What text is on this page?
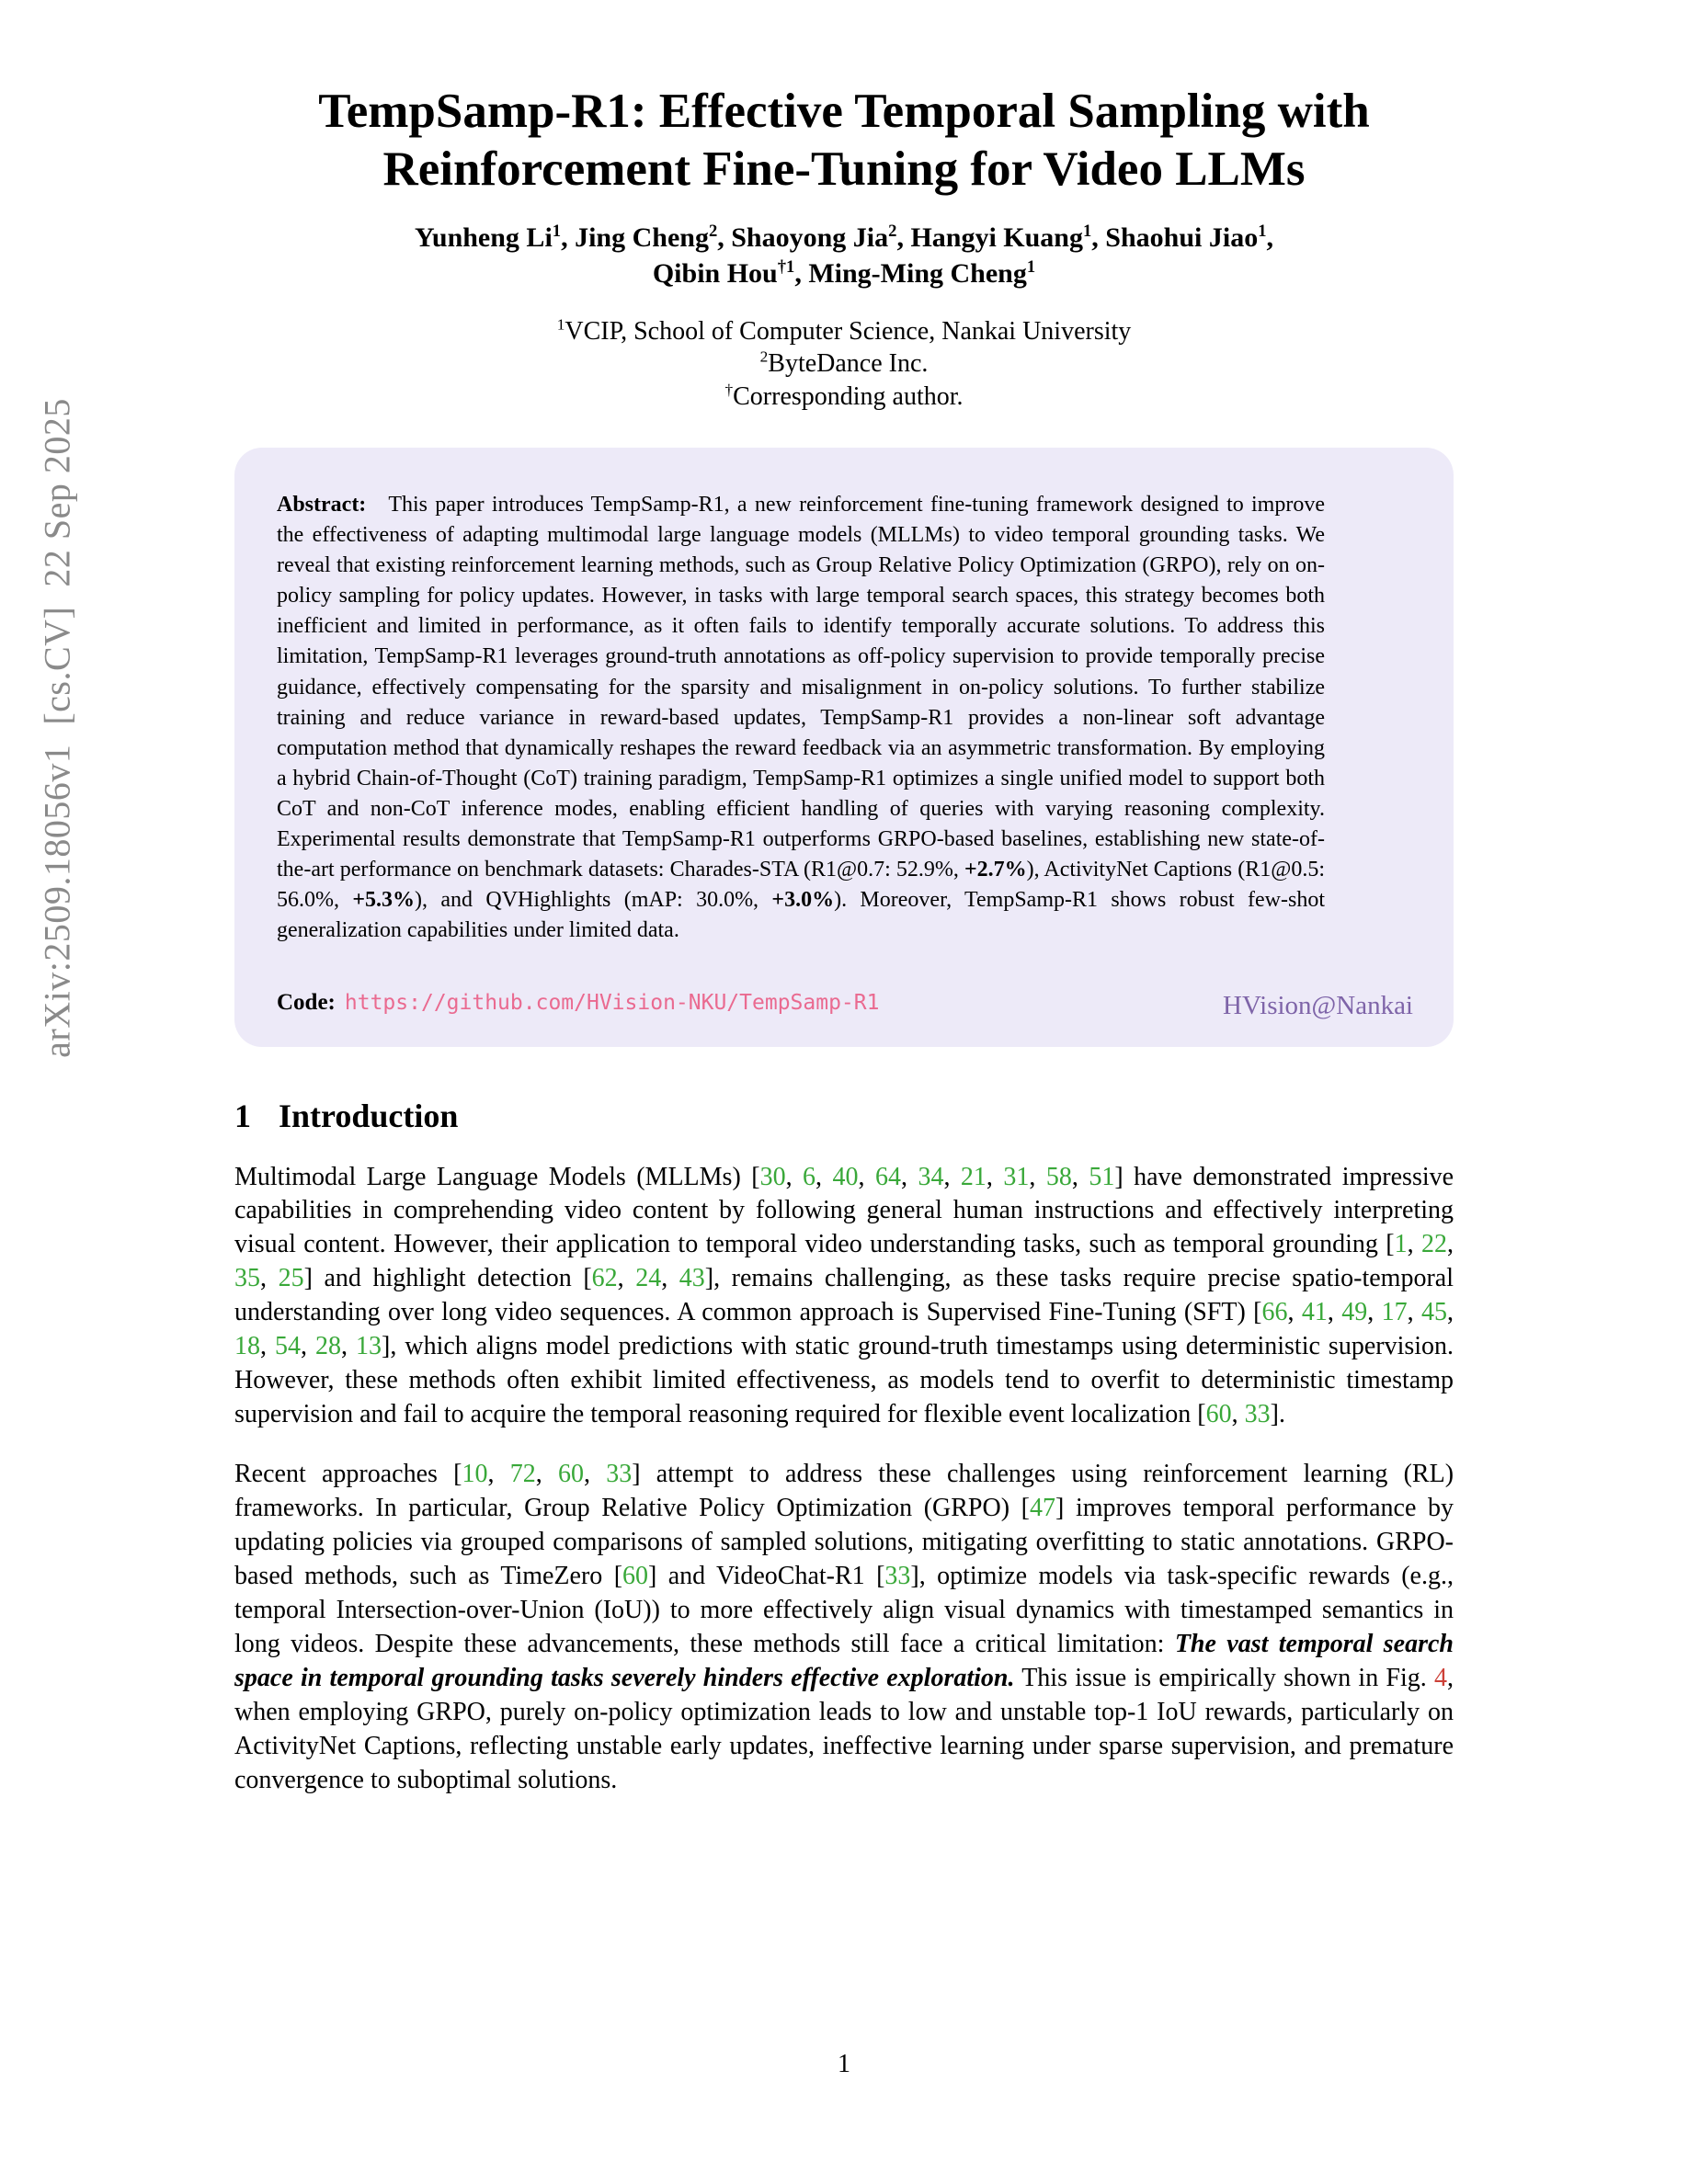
arXiv:2509.18056v1  [cs.CV]  22 Sep 2025
TempSamp-R1: Effective Temporal Sampling with
Reinforcement Fine-Tuning for Video LLMs
Yunheng Li$^1$, Jing Cheng$^2$, Shaoyong Jia$^2$, Hangyi Kuang$^1$, Shaohui Jiao$^1$,
Qibin Hou$^{\dagger 1}$, Ming-Ming Cheng$^1$
$^1$VCIP, School of Computer Science, Nankai University
$^2$ByteDance Inc.
†Corresponding author.

Abstract: This paper introduces TempSamp-R1, a new reinforcement fine-tuning framework designed to improve the effectiveness of adapting multimodal large language models (MLLMs) to video temporal grounding tasks. We reveal that existing reinforcement learning methods, such as Group Relative Policy Optimization (GRPO), rely on on-policy sampling for policy updates. However, in tasks with large temporal search spaces, this strategy becomes both inefficient and limited in performance, as it often fails to identify temporally accurate solutions. To address this limitation, TempSamp-R1 leverages ground-truth annotations as off-policy supervision to provide temporally precise guidance, effectively compensating for the sparsity and misalignment in on-policy solutions. To further stabilize training and reduce variance in reward-based updates, TempSamp-R1 provides a non-linear soft advantage computation method that dynamically reshapes the reward feedback via an asymmetric transformation. By employing a hybrid Chain-of-Thought (CoT) training paradigm, TempSamp-R1 optimizes a single unified model to support both CoT and non-CoT inference modes, enabling efficient handling of queries with varying reasoning complexity. Experimental results demonstrate that TempSamp-R1 outperforms GRPO-based baselines, establishing new state-of-the-art performance on benchmark datasets: Charades-STA (R1@0.7: 52.9%, +2.7%), ActivityNet Captions (R1@0.5: 56.0%, +5.3%), and QVHighlights (mAP: 30.0%, +3.0%). Moreover, TempSamp-R1 shows robust few-shot generalization capabilities under limited data.

Code: https://github.com/HVision-NKU/TempSamp-R1	HVision@Nankai
1 Introduction

Multimodal Large Language Models (MLLMs) [30, 6, 40, 64, 34, 21, 31, 58, 51] have demonstrated impressive capabilities in comprehending video content by following general human instructions and effectively interpreting visual content. However, their application to temporal video understanding tasks, such as temporal grounding [1, 22, 35, 25] and highlight detection [62, 24, 43], remains challenging, as these tasks require precise spatio-temporal understanding over long video sequences. A common approach is Supervised Fine-Tuning (SFT) [66, 41, 49, 17, 45, 18, 54, 28, 13], which aligns model predictions with static ground-truth timestamps using deterministic supervision. However, these methods often exhibit limited effectiveness, as models tend to overfit to deterministic timestamp supervision and fail to acquire the temporal reasoning required for flexible event localization [60, 33].

Recent approaches [10, 72, 60, 33] attempt to address these challenges using reinforcement learning (RL) frameworks. In particular, Group Relative Policy Optimization (GRPO) [47] improves temporal performance by updating policies via grouped comparisons of sampled solutions, mitigating overfitting to static annotations. GRPO-based methods, such as TimeZero [60] and VideoChat-R1 [33], optimize models via task-specific rewards (e.g., temporal Intersection-over-Union (IoU)) to more effectively align visual dynamics with timestamped semantics in long videos. Despite these advancements, these methods still face a critical limitation: The vast temporal search space in temporal grounding tasks severely hinders effective exploration. This issue is empirically shown in Fig. 4, when employing GRPO, purely on-policy optimization leads to low and unstable top-1 IoU rewards, particularly on ActivityNet Captions, reflecting unstable early updates, ineffective learning under sparse supervision, and premature convergence to suboptimal solutions.

1
